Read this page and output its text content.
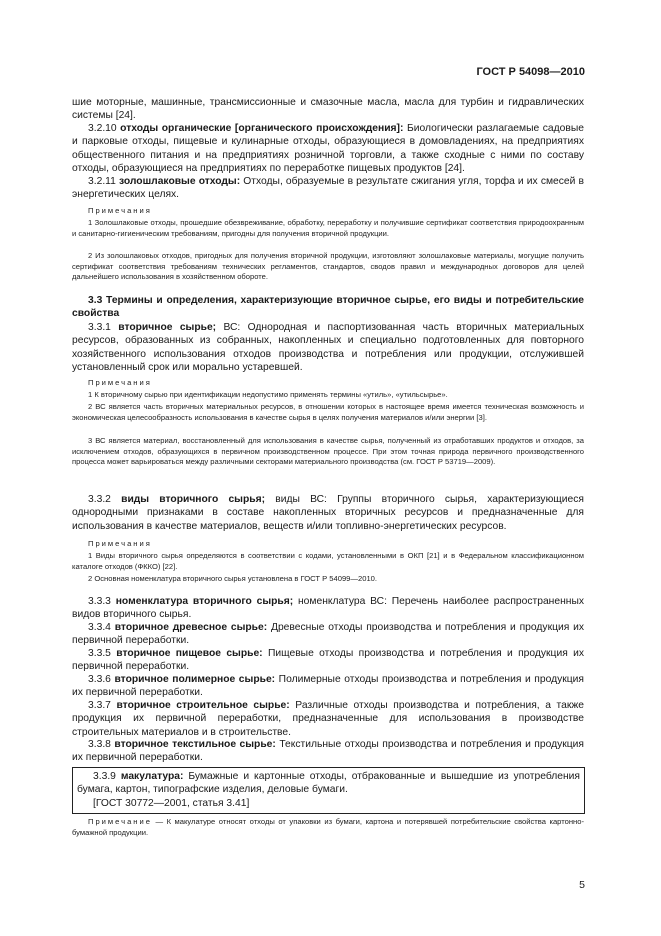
ГОСТ Р 54098—2010
шие моторные, машинные, трансмиссионные и смазочные масла, масла для турбин и гидравлических системы [24].
3.2.10 отходы органические [органического происхождения]: Биологически разлагаемые садовые и парковые отходы, пищевые и кулинарные отходы, образующиеся в домовладениях, на предприятиях общественного питания и на предприятиях розничной торговли, а также сходные с ними по составу отходы, образующиеся на предприятиях по переработке пищевых продуктов [24].
3.2.11 золошлаковые отходы: Отходы, образуемые в результате сжигания угля, торфа и их смесей в энергетических целях.
Примечания
1 Золошлаковые отходы, прошедшие обезвреживание, обработку, переработку и получившие сертификат соответствия природоохранным и санитарно-гигиеническим требованиям, пригодны для получения вторичной продукции.
2 Из золошлаковых отходов, пригодных для получения вторичной продукции, изготовляют золошлаковые материалы, могущие получить сертификат соответствия требованиям технических регламентов, стандартов, сводов правил и международных договоров для целей дальнейшего использования в хозяйственном обороте.
3.3 Термины и определения, характеризующие вторичное сырье, его виды и потребительские свойства
3.3.1 вторичное сырье; ВС: Однородная и паспортизованная часть вторичных материальных ресурсов, образованных из собранных, накопленных и специально подготовленных для повторного хозяйственного использования отходов производства и потребления или продукции, отслужившей установленный срок или морально устаревшей.
Примечания
1 К вторичному сырью при идентификации недопустимо применять термины «утиль», «утильсырье».
2 ВС является часть вторичных материальных ресурсов, в отношении которых в настоящее время имеется техническая возможность и экономическая целесообразность использования в качестве сырья в целях получения материалов и/или энергии [3].
3 ВС является материал, восстановленный для использования в качестве сырья, полученный из отработавших продуктов и отходов, за исключением отходов, образующихся в первичном производственном процессе. При этом точная природа первичного производственного процесса может варьироваться между различными секторами материального производства (см. ГОСТ Р 53719—2009).
3.3.2 виды вторичного сырья; виды ВС: Группы вторичного сырья, характеризующиеся однородными признаками в составе накопленных вторичных ресурсов и предназначенные для использования в качестве материалов, веществ и/или топливно-энергетических ресурсов.
Примечания
1 Виды вторичного сырья определяются в соответствии с кодами, установленными в ОКП [21] и в Федеральном классификационном каталоге отходов (ФККО) [22].
2 Основная номенклатура вторичного сырья установлена в ГОСТ Р 54099—2010.
3.3.3 номенклатура вторичного сырья; номенклатура ВС: Перечень наиболее распространенных видов вторичного сырья.
3.3.4 вторичное древесное сырье: Древесные отходы производства и потребления и продукция их первичной переработки.
3.3.5 вторичное пищевое сырье: Пищевые отходы производства и потребления и продукция их первичной переработки.
3.3.6 вторичное полимерное сырье: Полимерные отходы производства и потребления и продукция их первичной переработки.
3.3.7 вторичное строительное сырье: Различные отходы производства и потребления, а также продукция их первичной переработки, предназначенные для использования в производстве строительных материалов и в строительстве.
3.3.8 вторичное текстильное сырье: Текстильные отходы производства и потребления и продукция их первичной переработки.
3.3.9 макулатура: Бумажные и картонные отходы, отбракованные и вышедшие из употребления бумага, картон, типографские изделия, деловые бумаги.
[ГОСТ 30772—2001, статья 3.41]
Примечание — К макулатуре относят отходы от упаковки из бумаги, картона и потерявшей потребительские свойства картонно-бумажной продукции.
5
